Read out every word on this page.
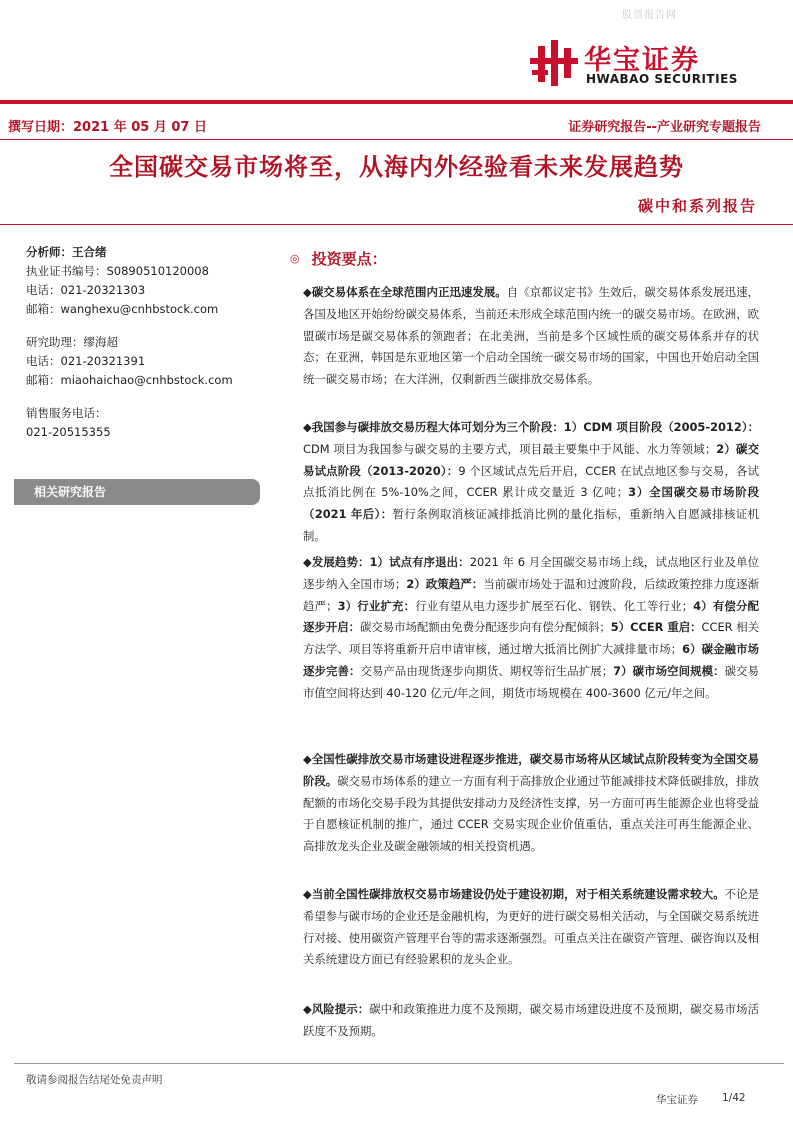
股票报告网
华宝证券
HWABAO SECURITIES
撰写日期：2021 年 05 月 07 日	证券研究报告--产业研究专题报告
全国碳交易市场将至，从海内外经验看未来发展趋势
碳中和系列报告
分析师：王合绪
执业证书编号：S0890510120008
电话：021-20321303
邮箱：wanghexu@cnhbstock.com
研究助理：缪海超
电话：021-20321391
邮箱：miaohaichao@cnhbstock.com
销售服务电话：
021-20515355
相关研究报告
◎ 投资要点：
◆碳交易体系在全球范围内正迅速发展。自《京都议定书》生效后，碳交易体系发展迅速，各国及地区开始纷纷碳交易体系，当前还未形成全球范围内统一的碳交易市场。在欧洲，欧盟碳市场是碳交易体系的领跑者；在北美洲，当前是多个区域性质的碳交易体系并存的状态；在亚洲，韩国是东亚地区第一个启动全国统一碳交易市场的国家，中国也开始启动全国统一碳交易市场；在大洋洲，仅剩新西兰碳排放交易体系。
◆我国参与碳排放交易历程大体可划分为三个阶段：1）CDM 项目阶段（2005-2012）：CDM 项目为我国参与碳交易的主要方式，项目最主要集中于风能、水力等领域；2）碳交易试点阶段（2013-2020）：9 个区域试点先后开启，CCER 在试点地区参与交易，各试点抵消比例在 5%-10%之间，CCER 累计成交量近 3 亿吨；3）全国碳交易市场阶段（2021 年后）：暂行条例取消核证减排抵消比例的量化指标，重新纳入自愿减排核证机制。
◆发展趋势：1）试点有序退出：2021 年 6 月全国碳交易市场上线，试点地区行业及单位逐步纳入全国市场；2）政策趋严：当前碳市场处于温和过渡阶段，后续政策控排力度逐渐趋严；3）行业扩充：行业有望从电力逐步扩展至石化、钢铁、化工等行业；4）有偿分配逐步开启：碳交易市场配额由免费分配逐步向有偿分配倾斜；5）CCER 重启：CCER 相关方法学、项目等将重新开启申请审核，通过增大抵消比例扩大减排量市场；6）碳金融市场逐步完善：交易产品由现货逐步向期货、期权等衍生品扩展；7）碳市场空间规模：碳交易市值空间将达到 40-120 亿元/年之间，期货市场规模在 400-3600 亿元/年之间。
◆全国性碳排放交易市场建设进程逐步推进，碳交易市场将从区域试点阶段转变为全国交易阶段。碳交易市场体系的建立一方面有利于高排放企业通过节能减排技术降低碳排放，排放配额的市场化交易手段为其提供安排动力及经济性支撑，另一方面可再生能源企业也将受益于自愿核证机制的推广，通过 CCER 交易实现企业价值重估，重点关注可再生能源企业、高排放龙头企业及碳金融领域的相关投资机遇。
◆当前全国性碳排放权交易市场建设仍处于建设初期，对于相关系统建设需求较大。不论是希望参与碳市场的企业还是金融机构，为更好的进行碳交易相关活动，与全国碳交易系统进行对接、使用碳资产管理平台等的需求逐渐强烈。可重点关注在碳资产管理、碳咨询以及相关系统建设方面已有经验累积的龙头企业。
◆风险提示：碳中和政策推进力度不及预期，碳交易市场建设进度不及预期，碳交易市场活跃度不及预期。
敬请参阅报告结尾处免责声明
华宝证券 1/42
